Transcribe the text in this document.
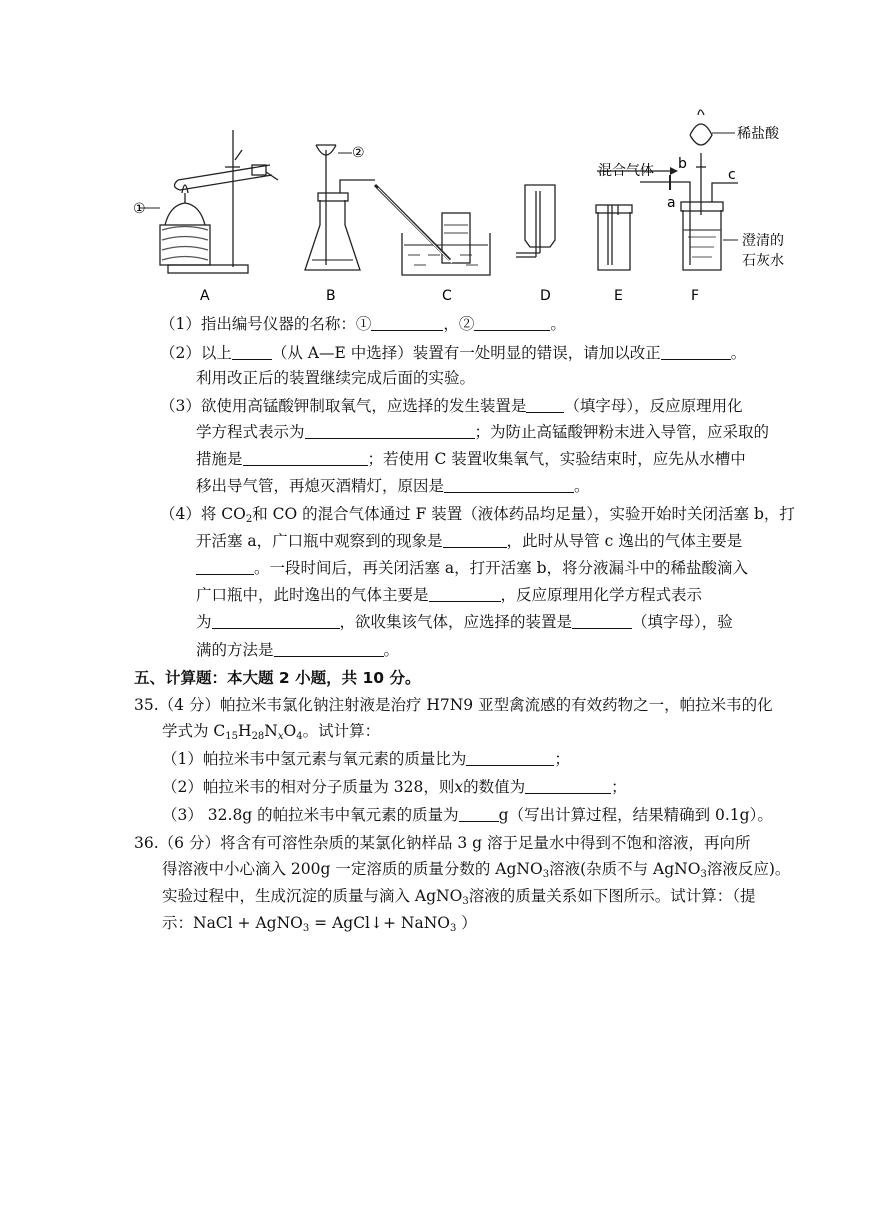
①
②
混合气体 b
a
c
稀盐酸
澄清的
石灰水
A	B	C	D	E	F
（1）指出编号仪器的名称：①	，②	。
（2）以上	（从 A—E 中选择）装置有一处明显的错误，请加以改正	。
利用改正后的装置继续完成后面的实验。
（3）欲使用高锰酸钾制取氧气，应选择的发生装置是 （填字母），反应原理用化
学方程式表示为	；为防止高锰酸钾粉末进入导管，应采取的
措施是	；若使用 C 装置收集氧气，实验结束时，应先从水槽中
移出导气管，再熄灭酒精灯，原因是	。
（4）将 $CO_2$和 CO 的混合气体通过 F 装置（液体药品均足量），实验开始时关闭活塞 b，打
开活塞 a，广口瓶中观察到的现象是	，此时从导管 c 逸出的气体主要是
。一段时间后，再关闭活塞 a，打开活塞 b，将分液漏斗中的稀盐酸滴入
广口瓶中，此时逸出的气体主要是	，反应原理用化学方程式表示
为	，欲收集该气体，应选择的装置是	（填字母），验
满的方法是	。
五、计算题：本大题 2 小题，共 10 分。
35.（4 分）帕拉米韦氯化钠注射液是治疗 H7N9 亚型禽流感的有效药物之一，帕拉米韦的化
学式为 $C_{15}H_{28}N_xO_4$。试计算：
（1）帕拉米韦中氢元素与氧元素的质量比为	；
（2）帕拉米韦的相对分子质量为 328，则x的数值为	；
（3） 32.8g 的帕拉米韦中氧元素的质量为	g（写出计算过程，结果精确到 0.1g）。
36.（6 分）将含有可溶性杂质的某氯化钠样品 3 g 溶于足量水中得到不饱和溶液，再向所
得溶液中小心滴入 200g 一定溶质的质量分数的 AgNO$_3$溶液(杂质不与 AgNO$_3$溶液反应)。
实验过程中，生成沉淀的质量与滴入 AgNO$_3$溶液的质量关系如下图所示。试计算：（提
示：NaCl + AgNO$_3$ = AgCl↓+ NaNO$_3$ ）
